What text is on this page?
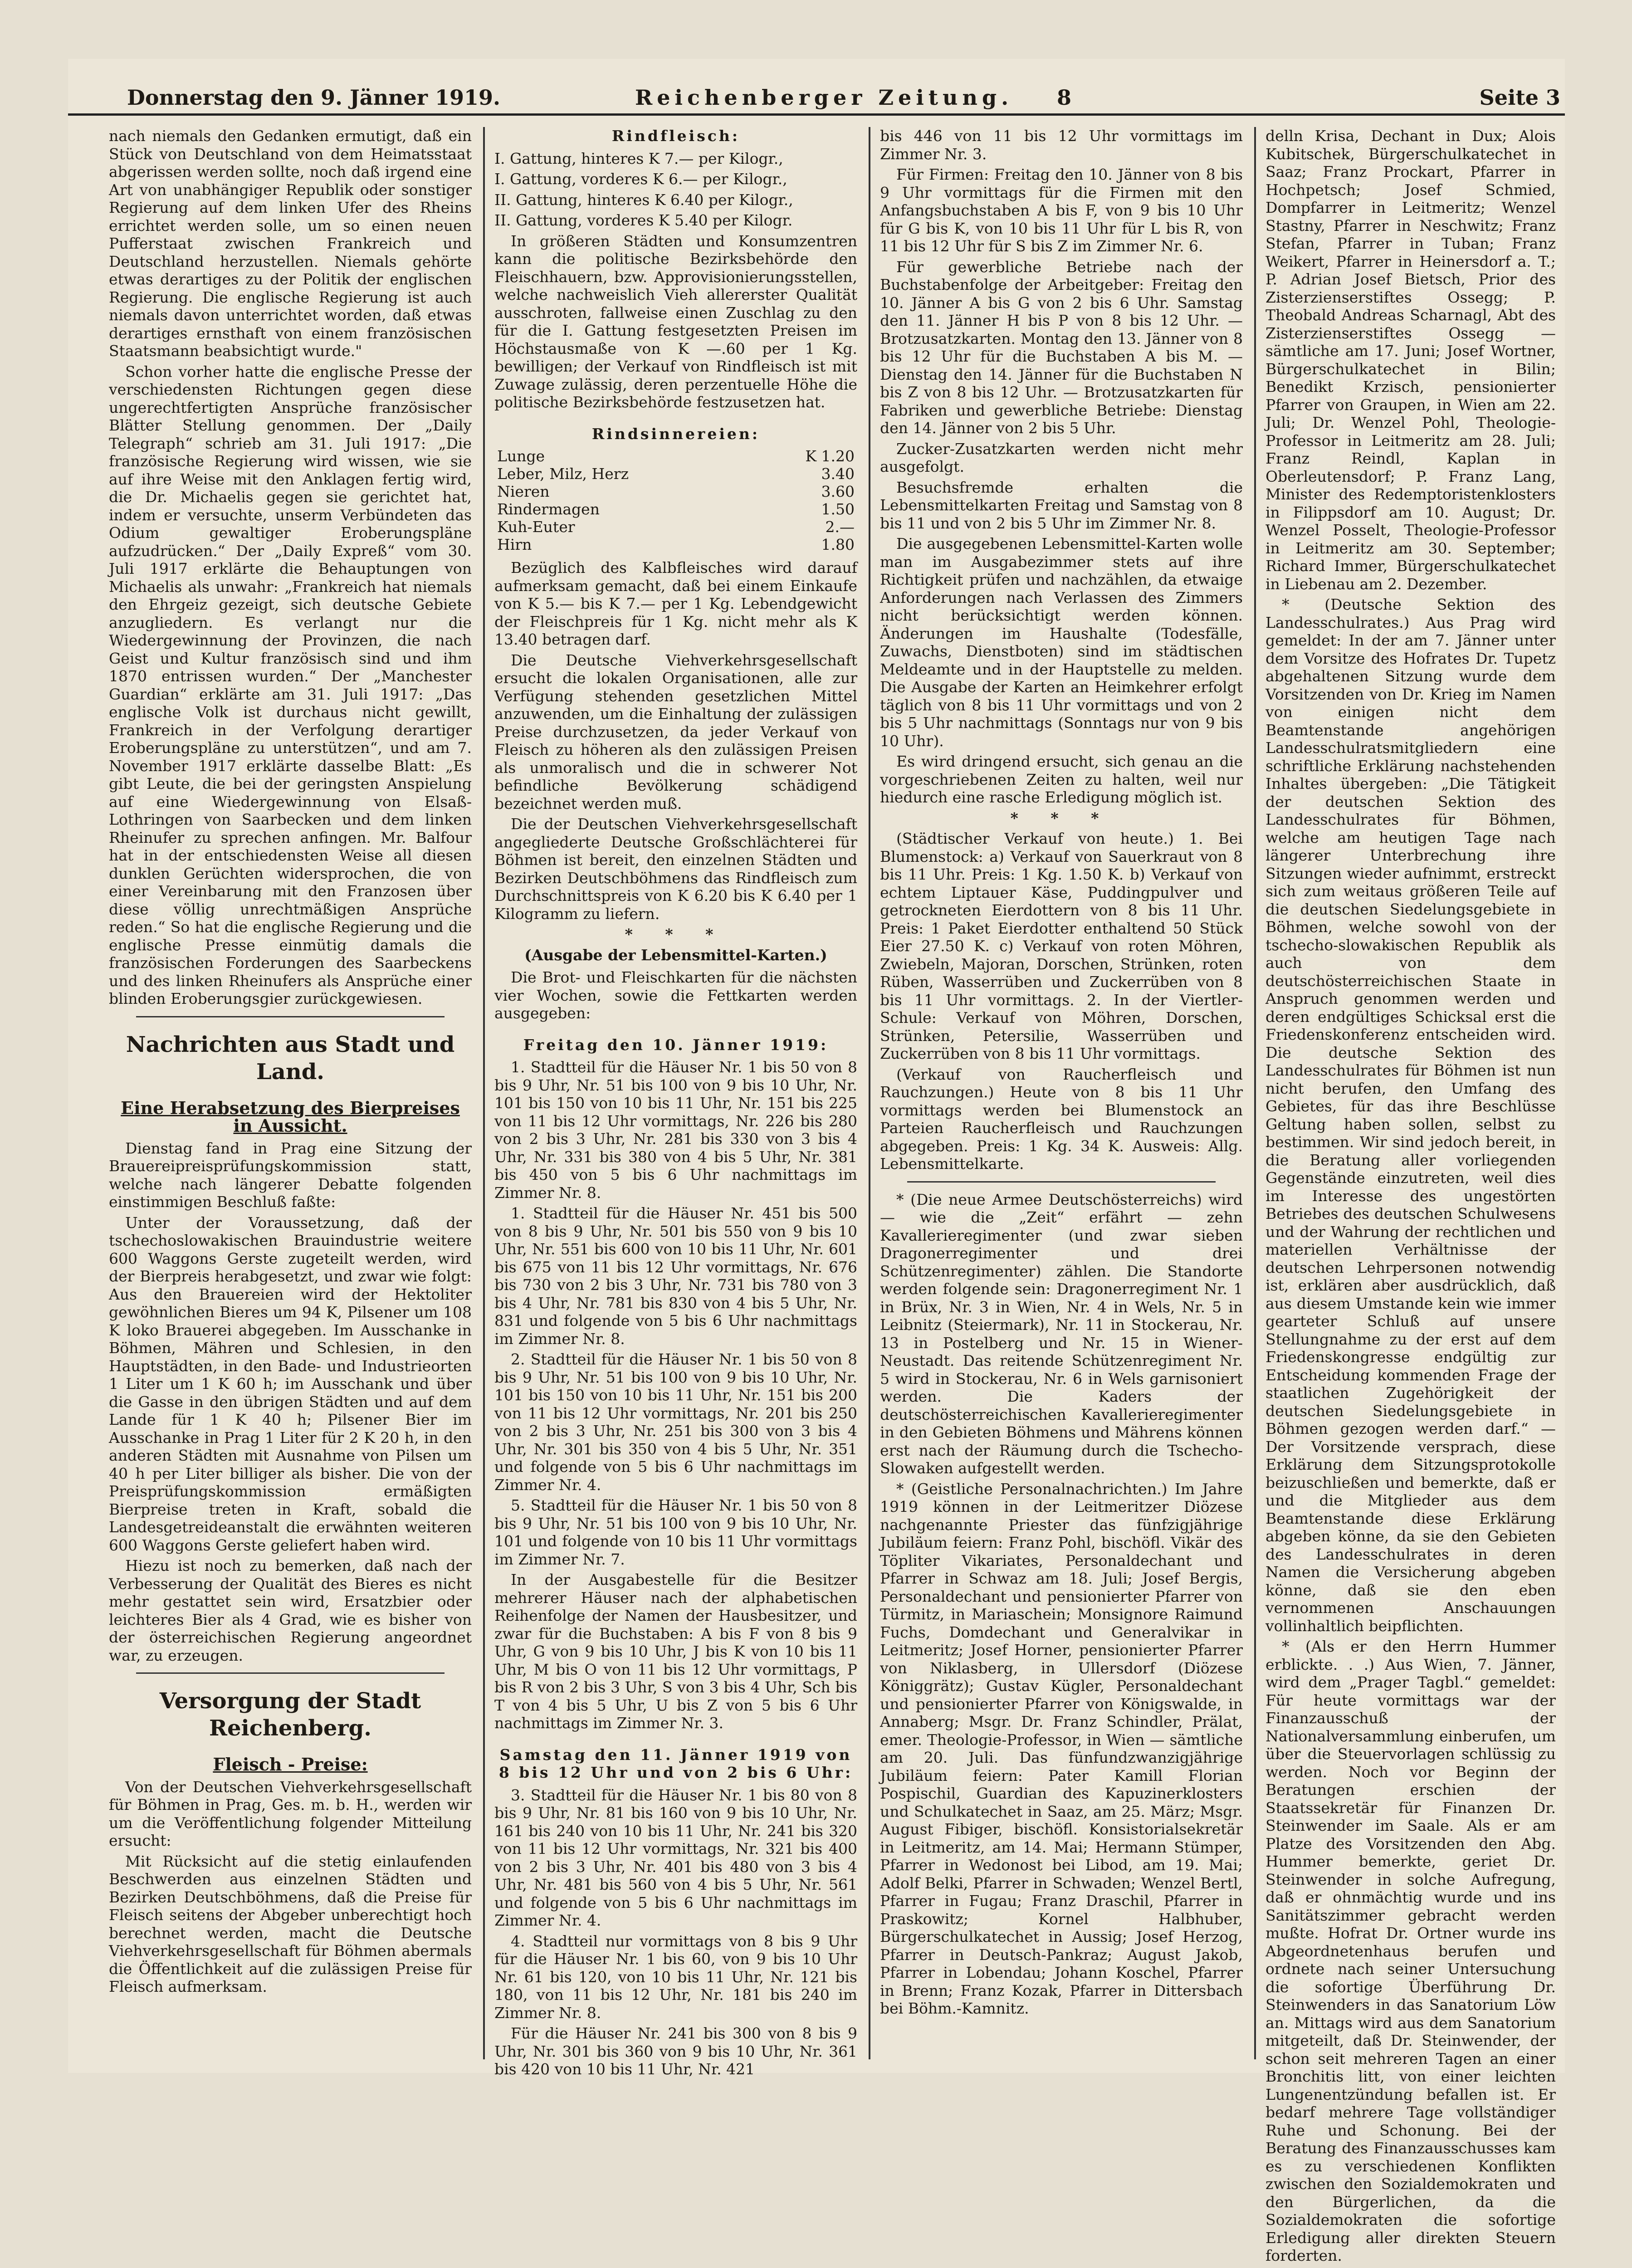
Donnerstag den 9. Jänner 1919.	Reichenberger Zeitung. 8	Seite 3

nach niemals den Gedanken ermutigt, daß ein Stück von Deutschland von dem Heimatsstaat abgerissen werden sollte, noch daß irgend eine Art von unabhängiger Republik oder sonstiger Regierung auf dem linken Ufer des Rheins errichtet werden solle, um so einen neuen Pufferstaat zwischen Frankreich und Deutschland herzustellen. Niemals gehörte etwas derartiges zu der Politik der englischen Regierung. Die englische Regierung ist auch niemals davon unterrichtet worden, daß etwas derartiges ernsthaft von einem französischen Staatsmann beabsichtigt wurde."

Schon vorher hatte die englische Presse der verschiedensten Richtungen gegen diese ungerechtfertigten Ansprüche französischer Blätter Stellung genommen. Der „Daily Telegraph“ schrieb am 31. Juli 1917: „Die französische Regierung wird wissen, wie sie auf ihre Weise mit den Anklagen fertig wird, die Dr. Michaelis gegen sie gerichtet hat, indem er versuchte, unserm Verbündeten das Odium gewaltiger Eroberungspläne aufzudrücken.“ Der „Daily Expreß“ vom 30. Juli 1917 erklärte die Behauptungen von Michaelis als unwahr: „Frankreich hat niemals den Ehrgeiz gezeigt, sich deutsche Gebiete anzugliedern. Es verlangt nur die Wiedergewinnung der Provinzen, die nach Geist und Kultur französisch sind und ihm 1870 entrissen wurden.“ Der „Manchester Guardian“ erklärte am 31. Juli 1917: „Das englische Volk ist durchaus nicht gewillt, Frankreich in der Verfolgung derartiger Eroberungspläne zu unterstützen“, und am 7. November 1917 erklärte dasselbe Blatt: „Es gibt Leute, die bei der geringsten Anspielung auf eine Wiedergewinnung von Elsaß-Lothringen von Saarbecken und dem linken Rheinufer zu sprechen anfingen. Mr. Balfour hat in der entschiedensten Weise all diesen dunklen Gerüchten widersprochen, die von einer Vereinbarung mit den Franzosen über diese völlig unrechtmäßigen Ansprüche reden.“ So hat die englische Regierung und die englische Presse einmütig damals die französischen Forderungen des Saarbeckens und des linken Rheinufers als Ansprüche einer blinden Eroberungsgier zurückgewiesen.

Nachrichten aus Stadt und Land.

Eine Herabsetzung des Bierpreises in Aussicht.

Dienstag fand in Prag eine Sitzung der Brauereipreisprüfungskommission statt, welche nach längerer Debatte folgenden einstimmigen Beschluß faßte:

Unter der Voraussetzung, daß der tschechoslowakischen Brauindustrie weitere 600 Waggons Gerste zugeteilt werden, wird der Bierpreis herabgesetzt, und zwar wie folgt: Aus den Brauereien wird der Hektoliter gewöhnlichen Bieres um 94 K, Pilsener um 108 K loko Brauerei abgegeben. Im Ausschanke in Böhmen, Mähren und Schlesien, in den Hauptstädten, in den Bade- und Industrieorten 1 Liter um 1 K 60 h; im Ausschank und über die Gasse in den übrigen Städten und auf dem Lande für 1 K 40 h; Pilsener Bier im Ausschanke in Prag 1 Liter für 2 K 20 h, in den anderen Städten mit Ausnahme von Pilsen um 40 h per Liter billiger als bisher. Die von der Preisprüfungskommission ermäßigten Bierpreise treten in Kraft, sobald die Landesgetreideanstalt die erwähnten weiteren 600 Waggons Gerste geliefert haben wird.

Hiezu ist noch zu bemerken, daß nach der Verbesserung der Qualität des Bieres es nicht mehr gestattet sein wird, Ersatzbier oder leichteres Bier als 4 Grad, wie es bisher von der österreichischen Regierung angeordnet war, zu erzeugen.

Versorgung der Stadt Reichenberg.

Fleisch - Preise:

Von der Deutschen Viehverkehrsgesellschaft für Böhmen in Prag, Ges. m. b. H., werden wir um die Veröffentlichung folgender Mitteilung ersucht:

Mit Rücksicht auf die stetig einlaufenden Beschwerden aus einzelnen Städten und Bezirken Deutschböhmens, daß die Preise für Fleisch seitens der Abgeber unberechtigt hoch berechnet werden, macht die Deutsche Viehverkehrsgesellschaft für Böhmen abermals die Öffentlichkeit auf die zulässigen Preise für Fleisch aufmerksam.

Rindfleisch:

I. Gattung, hinteres K 7.— per Kilogr.,

I. Gattung, vorderes K 6.— per Kilogr.,

II. Gattung, hinteres K 6.40 per Kilogr.,

II. Gattung, vorderes K 5.40 per Kilogr.

In größeren Städten und Konsumzentren kann die politische Bezirksbehörde den Fleischhauern, bzw. Approvisionierungsstellen, welche nachweislich Vieh allererster Qualität ausschroten, fallweise einen Zuschlag zu den für die I. Gattung festgesetzten Preisen im Höchstausmaße von K —.60 per 1 Kg. bewilligen; der Verkauf von Rindfleisch ist mit Zuwage zulässig, deren perzentuelle Höhe die politische Bezirksbehörde festzusetzen hat.

Rindsinnereien:

Lunge	K 1.20
Leber, Milz, Herz	3.40
Nieren	3.60
Rindermagen	1.50
Kuh-Euter	2.—
Hirn	1.80

Bezüglich des Kalbfleisches wird darauf aufmerksam gemacht, daß bei einem Einkaufe von K 5.— bis K 7.— per 1 Kg. Lebendgewicht der Fleischpreis für 1 Kg. nicht mehr als K 13.40 betragen darf.

Die Deutsche Viehverkehrsgesellschaft ersucht die lokalen Organisationen, alle zur Verfügung stehenden gesetzlichen Mittel anzuwenden, um die Einhaltung der zulässigen Preise durchzusetzen, da jeder Verkauf von Fleisch zu höheren als den zulässigen Preisen als unmoralisch und die in schwerer Not befindliche Bevölkerung schädigend bezeichnet werden muß.

Die der Deutschen Viehverkehrsgesellschaft angegliederte Deutsche Großschlächterei für Böhmen ist bereit, den einzelnen Städten und Bezirken Deutschböhmens das Rindfleisch zum Durchschnittspreis von K 6.20 bis K 6.40 per 1 Kilogramm zu liefern.

* * *

(Ausgabe der Lebensmittel-Karten.)

Die Brot- und Fleischkarten für die nächsten vier Wochen, sowie die Fettkarten werden ausgegeben:

Freitag den 10. Jänner 1919:

1. Stadtteil für die Häuser Nr. 1 bis 50 von 8 bis 9 Uhr, Nr. 51 bis 100 von 9 bis 10 Uhr, Nr. 101 bis 150 von 10 bis 11 Uhr, Nr. 151 bis 225 von 11 bis 12 Uhr vormittags, Nr. 226 bis 280 von 2 bis 3 Uhr, Nr. 281 bis 330 von 3 bis 4 Uhr, Nr. 331 bis 380 von 4 bis 5 Uhr, Nr. 381 bis 450 von 5 bis 6 Uhr nachmittags im Zimmer Nr. 8.

1. Stadtteil für die Häuser Nr. 451 bis 500 von 8 bis 9 Uhr, Nr. 501 bis 550 von 9 bis 10 Uhr, Nr. 551 bis 600 von 10 bis 11 Uhr, Nr. 601 bis 675 von 11 bis 12 Uhr vormittags, Nr. 676 bis 730 von 2 bis 3 Uhr, Nr. 731 bis 780 von 3 bis 4 Uhr, Nr. 781 bis 830 von 4 bis 5 Uhr, Nr. 831 und folgende von 5 bis 6 Uhr nachmittags im Zimmer Nr. 8.

2. Stadtteil für die Häuser Nr. 1 bis 50 von 8 bis 9 Uhr, Nr. 51 bis 100 von 9 bis 10 Uhr, Nr. 101 bis 150 von 10 bis 11 Uhr, Nr. 151 bis 200 von 11 bis 12 Uhr vormittags, Nr. 201 bis 250 von 2 bis 3 Uhr, Nr. 251 bis 300 von 3 bis 4 Uhr, Nr. 301 bis 350 von 4 bis 5 Uhr, Nr. 351 und folgende von 5 bis 6 Uhr nachmittags im Zimmer Nr. 4.

5. Stadtteil für die Häuser Nr. 1 bis 50 von 8 bis 9 Uhr, Nr. 51 bis 100 von 9 bis 10 Uhr, Nr. 101 und folgende von 10 bis 11 Uhr vormittags im Zimmer Nr. 7.

In der Ausgabestelle für die Besitzer mehrerer Häuser nach der alphabetischen Reihenfolge der Namen der Hausbesitzer, und zwar für die Buchstaben: A bis F von 8 bis 9 Uhr, G von 9 bis 10 Uhr, J bis K von 10 bis 11 Uhr, M bis O von 11 bis 12 Uhr vormittags, P bis R von 2 bis 3 Uhr, S von 3 bis 4 Uhr, Sch bis T von 4 bis 5 Uhr, U bis Z von 5 bis 6 Uhr nachmittags im Zimmer Nr. 3.

Samstag den 11. Jänner 1919 von 8 bis 12 Uhr und von 2 bis 6 Uhr:

3. Stadtteil für die Häuser Nr. 1 bis 80 von 8 bis 9 Uhr, Nr. 81 bis 160 von 9 bis 10 Uhr, Nr. 161 bis 240 von 10 bis 11 Uhr, Nr. 241 bis 320 von 11 bis 12 Uhr vormittags, Nr. 321 bis 400 von 2 bis 3 Uhr, Nr. 401 bis 480 von 3 bis 4 Uhr, Nr. 481 bis 560 von 4 bis 5 Uhr, Nr. 561 und folgende von 5 bis 6 Uhr nachmittags im Zimmer Nr. 4.

4. Stadtteil nur vormittags von 8 bis 9 Uhr für die Häuser Nr. 1 bis 60, von 9 bis 10 Uhr Nr. 61 bis 120, von 10 bis 11 Uhr, Nr. 121 bis 180, von 11 bis 12 Uhr, Nr. 181 bis 240 im Zimmer Nr. 8.

Für die Häuser Nr. 241 bis 300 von 8 bis 9 Uhr, Nr. 301 bis 360 von 9 bis 10 Uhr, Nr. 361 bis 420 von 10 bis 11 Uhr, Nr. 421

bis 446 von 11 bis 12 Uhr vormittags im Zimmer Nr. 3.

Für Firmen: Freitag den 10. Jänner von 8 bis 9 Uhr vormittags für die Firmen mit den Anfangsbuchstaben A bis F, von 9 bis 10 Uhr für G bis K, von 10 bis 11 Uhr für L bis R, von 11 bis 12 Uhr für S bis Z im Zimmer Nr. 6.

Für gewerbliche Betriebe nach der Buchstabenfolge der Arbeitgeber: Freitag den 10. Jänner A bis G von 2 bis 6 Uhr. Samstag den 11. Jänner H bis P von 8 bis 12 Uhr. — Brotzusatzkarten. Montag den 13. Jänner von 8 bis 12 Uhr für die Buchstaben A bis M. — Dienstag den 14. Jänner für die Buchstaben N bis Z von 8 bis 12 Uhr. — Brotzusatzkarten für Fabriken und gewerbliche Betriebe: Dienstag den 14. Jänner von 2 bis 5 Uhr.

Zucker-Zusatzkarten werden nicht mehr ausgefolgt.

Besuchsfremde erhalten die Lebensmittelkarten Freitag und Samstag von 8 bis 11 und von 2 bis 5 Uhr im Zimmer Nr. 8.

Die ausgegebenen Lebensmittel-Karten wolle man im Ausgabezimmer stets auf ihre Richtigkeit prüfen und nachzählen, da etwaige Anforderungen nach Verlassen des Zimmers nicht berücksichtigt werden können. Änderungen im Haushalte (Todesfälle, Zuwachs, Dienstboten) sind im städtischen Meldeamte und in der Hauptstelle zu melden. Die Ausgabe der Karten an Heimkehrer erfolgt täglich von 8 bis 11 Uhr vormittags und von 2 bis 5 Uhr nachmittags (Sonntags nur von 9 bis 10 Uhr).

Es wird dringend ersucht, sich genau an die vorgeschriebenen Zeiten zu halten, weil nur hiedurch eine rasche Erledigung möglich ist.

* * *

(Städtischer Verkauf von heute.) 1. Bei Blumenstock: a) Verkauf von Sauerkraut von 8 bis 11 Uhr. Preis: 1 Kg. 1.50 K. b) Verkauf von echtem Liptauer Käse, Puddingpulver und getrockneten Eierdottern von 8 bis 11 Uhr. Preis: 1 Paket Eierdotter enthaltend 50 Stück Eier 27.50 K. c) Verkauf von roten Möhren, Zwiebeln, Majoran, Dorschen, Strünken, roten Rüben, Wasserrüben und Zuckerrüben von 8 bis 11 Uhr vormittags. 2. In der Viertler-Schule: Verkauf von Möhren, Dorschen, Strünken, Petersilie, Wasserrüben und Zuckerrüben von 8 bis 11 Uhr vormittags.

(Verkauf von Raucherfleisch und Rauchzungen.) Heute von 8 bis 11 Uhr vormittags werden bei Blumenstock an Parteien Raucherfleisch und Rauchzungen abgegeben. Preis: 1 Kg. 34 K. Ausweis: Allg. Lebensmittelkarte.

* (Die neue Armee Deutschösterreichs) wird — wie die „Zeit“ erfährt — zehn Kavallerieregimenter (und zwar sieben Dragonerregimenter und drei Schützenregimenter) zählen. Die Standorte werden folgende sein: Dragonerregiment Nr. 1 in Brüx, Nr. 3 in Wien, Nr. 4 in Wels, Nr. 5 in Leibnitz (Steiermark), Nr. 11 in Stockerau, Nr. 13 in Postelberg und Nr. 15 in Wiener-Neustadt. Das reitende Schützenregiment Nr. 5 wird in Stockerau, Nr. 6 in Wels garnisoniert werden. Die Kaders der deutschösterreichischen Kavallerieregimenter in den Gebieten Böhmens und Mährens können erst nach der Räumung durch die Tschecho-Slowaken aufgestellt werden.

* (Geistliche Personalnachrichten.) Im Jahre 1919 können in der Leitmeritzer Diözese nachgenannte Priester das fünfzigjährige Jubiläum feiern: Franz Pohl, bischöfl. Vikär des Töpliter Vikariates, Personaldechant und Pfarrer in Schwaz am 18. Juli; Josef Bergis, Personaldechant und pensionierter Pfarrer von Türmitz, in Mariaschein; Monsignore Raimund Fuchs, Domdechant und Generalvikar in Leitmeritz; Josef Horner, pensionierter Pfarrer von Niklasberg, in Ullersdorf (Diözese Königgrätz); Gustav Kügler, Personaldechant und pensionierter Pfarrer von Königswalde, in Annaberg; Msgr. Dr. Franz Schindler, Prälat, emer. Theologie-Professor, in Wien — sämtliche am 20. Juli. Das fünfundzwanzigjährige Jubiläum feiern: Pater Kamill Florian Pospischil, Guardian des Kapuzinerklosters und Schulkatechet in Saaz, am 25. März; Msgr. August Fibiger, bischöfl. Konsistorialsekretär in Leitmeritz, am 14. Mai; Hermann Stümper, Pfarrer in Wedonost bei Libod, am 19. Mai; Adolf Belki, Pfarrer in Schwaden; Wenzel Bertl, Pfarrer in Fugau; Franz Draschil, Pfarrer in Praskowitz; Kornel Halbhuber, Bürgerschulkatechet in Aussig; Josef Herzog, Pfarrer in Deutsch-Pankraz; August Jakob, Pfarrer in Lobendau; Johann Koschel, Pfarrer in Brenn; Franz Kozak, Pfarrer in Dittersbach bei Böhm.-Kamnitz.

delln Krisa, Dechant in Dux; Alois Kubitschek, Bürgerschulkatechet in Saaz; Franz Prockart, Pfarrer in Hochpetsch; Josef Schmied, Dompfarrer in Leitmeritz; Wenzel Stastny, Pfarrer in Neschwitz; Franz Stefan, Pfarrer in Tuban; Franz Weikert, Pfarrer in Heinersdorf a. T.; P. Adrian Josef Bietsch, Prior des Zisterzienserstiftes Ossegg; P. Theobald Andreas Scharnagl, Abt des Zisterzienserstiftes Ossegg — sämtliche am 17. Juni; Josef Wortner, Bürgerschulkatechet in Bilin; Benedikt Krzisch, pensionierter Pfarrer von Graupen, in Wien am 22. Juli; Dr. Wenzel Pohl, Theologie-Professor in Leitmeritz am 28. Juli; Franz Reindl, Kaplan in Oberleutensdorf; P. Franz Lang, Minister des Redemptoristenklosters in Filippsdorf am 10. August; Dr. Wenzel Posselt, Theologie-Professor in Leitmeritz am 30. September; Richard Immer, Bürgerschulkatechet in Liebenau am 2. Dezember.

* (Deutsche Sektion des Landesschulrates.) Aus Prag wird gemeldet: In der am 7. Jänner unter dem Vorsitze des Hofrates Dr. Tupetz abgehaltenen Sitzung wurde dem Vorsitzenden von Dr. Krieg im Namen von einigen nicht dem Beamtenstande angehörigen Landesschulratsmitgliedern eine schriftliche Erklärung nachstehenden Inhaltes übergeben: „Die Tätigkeit der deutschen Sektion des Landesschulrates für Böhmen, welche am heutigen Tage nach längerer Unterbrechung ihre Sitzungen wieder aufnimmt, erstreckt sich zum weitaus größeren Teile auf die deutschen Siedelungsgebiete in Böhmen, welche sowohl von der tschecho-slowakischen Republik als auch von dem deutschösterreichischen Staate in Anspruch genommen werden und deren endgültiges Schicksal erst die Friedenskonferenz entscheiden wird. Die deutsche Sektion des Landesschulrates für Böhmen ist nun nicht berufen, den Umfang des Gebietes, für das ihre Beschlüsse Geltung haben sollen, selbst zu bestimmen. Wir sind jedoch bereit, in die Beratung aller vorliegenden Gegenstände einzutreten, weil dies im Interesse des ungestörten Betriebes des deutschen Schulwesens und der Wahrung der rechtlichen und materiellen Verhältnisse der deutschen Lehrpersonen notwendig ist, erklären aber ausdrücklich, daß aus diesem Umstande kein wie immer gearteter Schluß auf unsere Stellungnahme zu der erst auf dem Friedenskongresse endgültig zur Entscheidung kommenden Frage der staatlichen Zugehörigkeit der deutschen Siedelungsgebiete in Böhmen gezogen werden darf.“ — Der Vorsitzende versprach, diese Erklärung dem Sitzungsprotokolle beizuschließen und bemerkte, daß er und die Mitglieder aus dem Beamtenstande diese Erklärung abgeben könne, da sie den Gebieten des Landesschulrates in deren Namen die Versicherung abgeben könne, daß sie den eben vernommenen Anschauungen vollinhaltlich beipflichten.

* (Als er den Herrn Hummer erblickte. . .) Aus Wien, 7. Jänner, wird dem „Prager Tagbl.“ gemeldet: Für heute vormittags war der Finanzausschuß der Nationalversammlung einberufen, um über die Steuervorlagen schlüssig zu werden. Noch vor Beginn der Beratungen erschien der Staatssekretär für Finanzen Dr. Steinwender im Saale. Als er am Platze des Vorsitzenden den Abg. Hummer bemerkte, geriet Dr. Steinwender in solche Aufregung, daß er ohnmächtig wurde und ins Sanitätszimmer gebracht werden mußte. Hofrat Dr. Ortner wurde ins Abgeordnetenhaus berufen und ordnete nach seiner Untersuchung die sofortige Überführung Dr. Steinwenders in das Sanatorium Löw an. Mittags wird aus dem Sanatorium mitgeteilt, daß Dr. Steinwender, der schon seit mehreren Tagen an einer Bronchitis litt, von einer leichten Lungenentzündung befallen ist. Er bedarf mehrere Tage vollständiger Ruhe und Schonung. Bei der Beratung des Finanzausschusses kam es zu verschiedenen Konflikten zwischen den Sozialdemokraten und den Bürgerlichen, da die Sozialdemokraten die sofortige Erledigung aller direkten Steuern forderten.
